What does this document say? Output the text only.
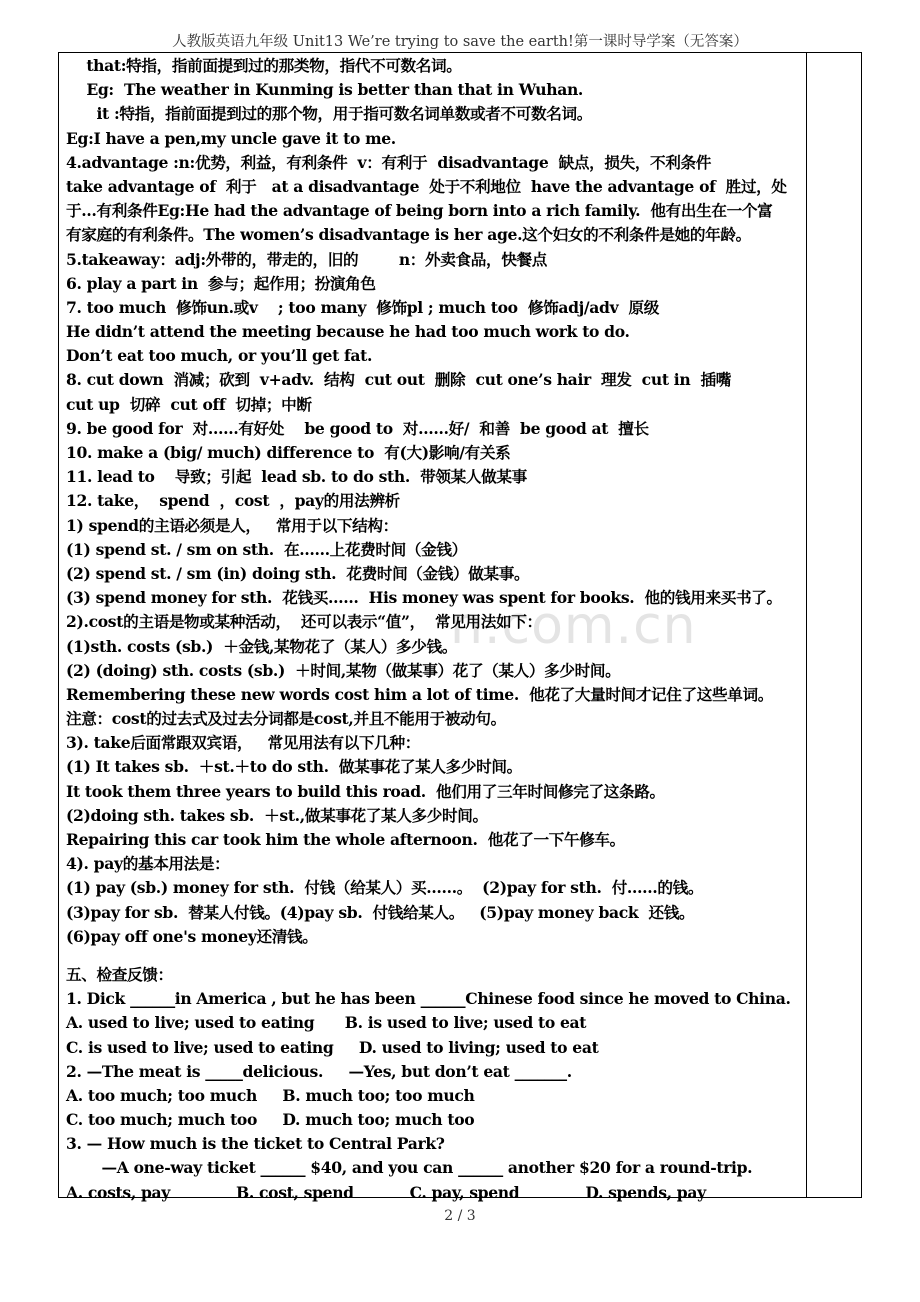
人教版英语九年级 Unit13 We’re trying to save the earth!第一课时导学案（无答案）
n.com.cn
that:特指，指前面提到过的那类物，指代不可数名词。
Eg:  The weather in Kunming is better than that in Wuhan.
it :特指，指前面提到过的那个物，用于指可数名词单数或者不可数名词。
Eg:I have a pen,my uncle gave it to me.
4.advantage :n:优势，利益，有利条件  v：有利于  disadvantage  缺点，损失，不利条件
take advantage of  利于   at a disadvantage  处于不利地位  have the advantage of  胜过，处
于…有利条件Eg:He had the advantage of being born into a rich family.  他有出生在一个富
有家庭的有利条件。The women’s disadvantage is her age.这个妇女的不利条件是她的年龄。
5.takeaway：adj:外带的，带走的，旧的        n：外卖食品，快餐点
6. play a part in  参与；起作用；扮演角色
7. too much  修饰un.或v    ; too many  修饰pl ; much too  修饰adj/adv  原级
He didn’t attend the meeting because he had too much work to do.
Don’t eat too much, or you’ll get fat.
8. cut down  消减；砍到  v+adv.  结构  cut out  删除  cut one’s hair  理发  cut in  插嘴
cut up  切碎  cut off  切掉；中断
9. be good for  对……有好处    be good to  对……好/  和善  be good at  擅长
10. make a (big/ much) difference to  有(大)影响/有关系
11. lead to    导致；引起  lead sb. to do sth.  带领某人做某事
12. take，  spend  ，cost  ，pay的用法辨析
1) spend的主语必须是人，   常用于以下结构：
(1) spend st. / sm on sth.  在……上花费时间（金钱）
(2) spend st. / sm (in) doing sth.  花费时间（金钱）做某事。
(3) spend money for sth.  花钱买……  His money was spent for books.  他的钱用来买书了。
2).cost的主语是物或某种活动，  还可以表示“值”，  常见用法如下：
(1)sth. costs (sb.)  ＋金钱,某物花了（某人）多少钱。
(2) (doing) sth. costs (sb.)  ＋时间,某物（做某事）花了（某人）多少时间。
Remembering these new words cost him a lot of time.  他花了大量时间才记住了这些单词。
注意：cost的过去式及过去分词都是cost,并且不能用于被动句。
3). take后面常跟双宾语，   常见用法有以下几种：
(1) It takes sb.  ＋st.＋to do sth.  做某事花了某人多少时间。
It took them three years to build this road.  他们用了三年时间修完了这条路。
(2)doing sth. takes sb.  ＋st.,做某事花了某人多少时间。
Repairing this car took him the whole afternoon.  他花了一下午修车。
4). pay的基本用法是：
(1) pay (sb.) money for sth.  付钱（给某人）买……。  (2)pay for sth.  付……的钱。
(3)pay for sb.  替某人付钱。(4)pay sb.  付钱给某人。   (5)pay money back  还钱。
(6)pay off one's money还清钱。
五、检查反馈：
1. Dick ______in America , but he has been ______Chinese food since he moved to China.
A. used to live; used to eating      B. is used to live; used to eat
C. is used to live; used to eating     D. used to living; used to eat
2. —The meat is _____delicious.     —Yes, but don’t eat _______.
A. too much; too much     B. much too; too much
C. too much; much too     D. much too; much too
3. — How much is the ticket to Central Park?
—A one-way ticket ______ $40, and you can ______ another $20 for a round-trip.
A. costs, pay             B. cost, spend           C. pay, spend             D. spends, pay
2 / 3
